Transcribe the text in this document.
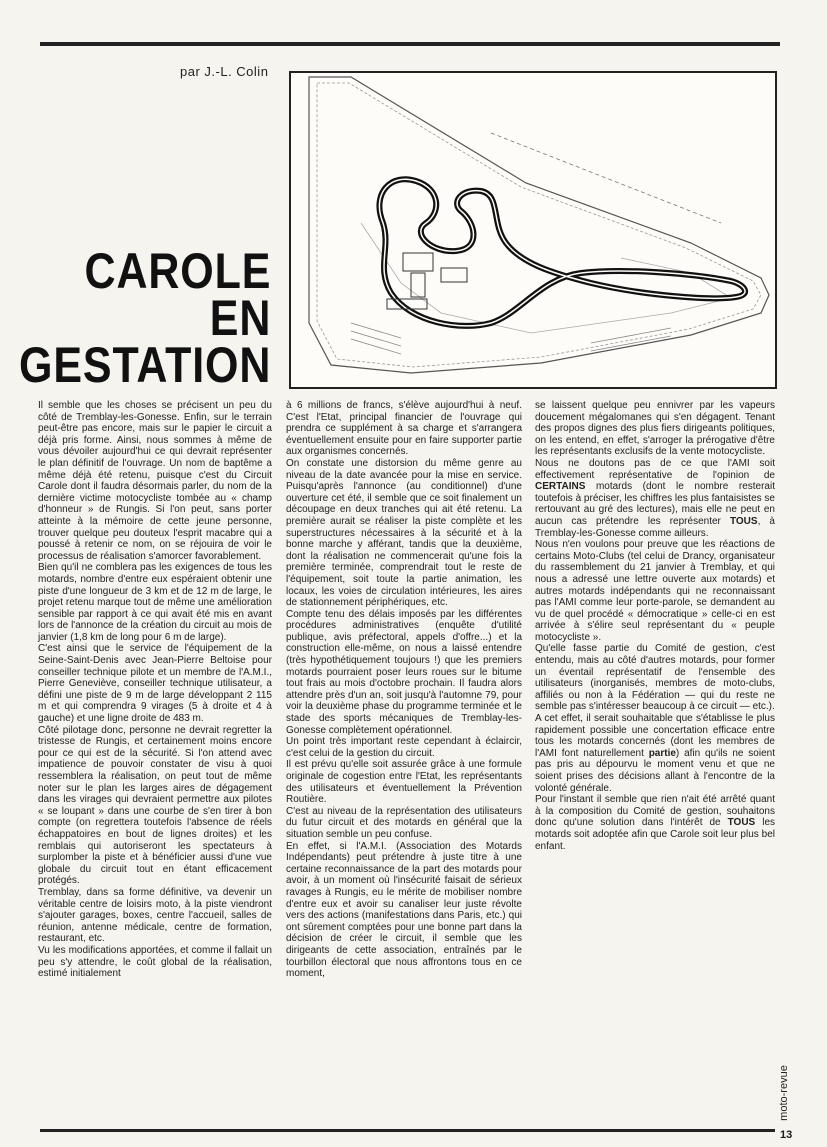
par J.-L. Colin
CAROLE
EN
GESTATION

Il semble que les choses se précisent un peu du côté de Tremblay-les-Gonesse. Enfin, sur le terrain peut-être pas encore, mais sur le papier le circuit a déjà pris forme. Ainsi, nous sommes à même de vous dévoiler aujourd'hui ce qui devrait représenter le plan définitif de l'ouvrage. Un nom de baptême a même déjà été retenu, puisque c'est du Circuit Carole dont il faudra désormais parler, du nom de la dernière victime motocycliste tombée au « champ d'honneur » de Rungis. Si l'on peut, sans porter atteinte à la mémoire de cette jeune personne, trouver quelque peu douteux l'esprit macabre qui a poussé à retenir ce nom, on se réjouira de voir le processus de réalisation s'amorcer favorablement.

Bien qu'il ne comblera pas les exigences de tous les motards, nombre d'entre eux espéraient obtenir une piste d'une longueur de 3 km et de 12 m de large, le projet retenu marque tout de même une amélioration sensible par rapport à ce qui avait été mis en avant lors de l'annonce de la création du circuit au mois de janvier (1,8 km de long pour 6 m de large).

C'est ainsi que le service de l'équipement de la Seine-Saint-Denis avec Jean-Pierre Beltoise pour conseiller technique pilote et un membre de l'A.M.I., Pierre Geneviève, conseiller technique utilisateur, a défini une piste de 9 m de large développant 2 115 m et qui comprendra 9 virages (5 à droite et 4 à gauche) et une ligne droite de 483 m.

Côté pilotage donc, personne ne devrait regretter la tristesse de Rungis, et certainement moins encore pour ce qui est de la sécurité. Si l'on attend avec impatience de pouvoir constater de visu à quoi ressemblera la réalisation, on peut tout de même noter sur le plan les larges aires de dégagement dans les virages qui devraient permettre aux pilotes « se loupant » dans une courbe de s'en tirer à bon compte (on regrettera toutefois l'absence de réels échappatoires en bout de lignes droites) et les remblais qui autoriseront les spectateurs à surplomber la piste et à bénéficier aussi d'une vue globale du circuit tout en étant efficacement protégés.

Tremblay, dans sa forme définitive, va devenir un véritable centre de loisirs moto, à la piste viendront s'ajouter garages, boxes, centre l'accueil, salles de réunion, antenne médicale, centre de formation, restaurant, etc.

Vu les modifications apportées, et comme il fallait un peu s'y attendre, le coût global de la réalisation, estimé initialement

à 6 millions de francs, s'élève aujourd'hui à neuf. C'est l'Etat, principal financier de l'ouvrage qui prendra ce supplément à sa charge et s'arrangera éventuellement ensuite pour en faire supporter partie aux organismes concernés.

On constate une distorsion du même genre au niveau de la date avancée pour la mise en service. Puisqu'après l'annonce (au conditionnel) d'une ouverture cet été, il semble que ce soit finalement un découpage en deux tranches qui ait été retenu. La première aurait se réaliser la piste complète et les superstructures nécessaires à la sécurité et à la bonne marche y afférant, tandis que la deuxième, dont la réalisation ne commencerait qu'une fois la première terminée, comprendrait tout le reste de l'équipement, soit toute la partie animation, les locaux, les voies de circulation intérieures, les aires de stationnement périphériques, etc.

Compte tenu des délais imposés par les différentes procédures administratives (enquête d'utilité publique, avis préfectoral, appels d'offre...) et la construction elle-même, on nous a laissé entendre (très hypothétiquement toujours !) que les premiers motards pourraient poser leurs roues sur le bitume tout frais au mois d'octobre prochain. Il faudra alors attendre près d'un an, soit jusqu'à l'automne 79, pour voir la deuxième phase du programme terminée et le stade des sports mécaniques de Tremblay-les-Gonesse complètement opérationnel.

Un point très important reste cependant à éclaircir, c'est celui de la gestion du circuit.

Il est prévu qu'elle soit assurée grâce à une formule originale de cogestion entre l'Etat, les représentants des utilisateurs et éventuellement la Prévention Routière.

C'est au niveau de la représentation des utilisateurs du futur circuit et des motards en général que la situation semble un peu confuse.

En effet, si l'A.M.I. (Association des Motards Indépendants) peut prétendre à juste titre à une certaine reconnaissance de la part des motards pour avoir, à un moment où l'insécurité faisait de sérieux ravages à Rungis, eu le mérite de mobiliser nombre d'entre eux et avoir su canaliser leur juste révolte vers des actions (manifestations dans Paris, etc.) qui ont sûrement comptées pour une bonne part dans la décision de créer le circuit, il semble que les dirigeants de cette association, entraînés par le tourbillon électoral que nous affrontons tous en ce moment,

se laissent quelque peu ennivrer par les vapeurs doucement mégalomanes qui s'en dégagent. Tenant des propos dignes des plus fiers dirigeants politiques, on les entend, en effet, s'arroger la prérogative d'être les représentants exclusifs de la vente motocycliste.

Nous ne doutons pas de ce que l'AMI soit effectivement représentative de l'opinion de CERTAINS motards (dont le nombre resterait toutefois à préciser, les chiffres les plus fantaisistes se rertouvant au gré des lectures), mais elle ne peut en aucun cas prétendre les représenter TOUS, à Tremblay-les-Gonesse comme ailleurs.

Nous n'en voulons pour preuve que les réactions de certains Moto-Clubs (tel celui de Drancy, organisateur du rassemblement du 21 janvier à Tremblay, et qui nous a adressé une lettre ouverte aux motards) et autres motards indépendants qui ne reconnaissant pas l'AMI comme leur porte-parole, se demandent au vu de quel procédé « démocratique » celle-ci en est arrivée à s'élire seul représentant du « peuple motocycliste ».

Qu'elle fasse partie du Comité de gestion, c'est entendu, mais au côté d'autres motards, pour former un éventail représentatif de l'ensemble des utilisateurs (inorganisés, membres de moto-clubs, affiliés ou non à la Fédération — qui du reste ne semble pas s'intéresser beaucoup à ce circuit — etc.).

A cet effet, il serait souhaitable que s'établisse le plus rapidement possible une concertation efficace entre tous les motards concernés (dont les membres de l'AMI font naturellement partie) afin qu'ils ne soient pas pris au dépourvu le moment venu et que ne soient prises des décisions allant à l'encontre de la volonté générale.

Pour l'instant il semble que rien n'ait été arrêté quant à la composition du Comité de gestion, souhaitons donc qu'une solution dans l'intérêt de TOUS les motards soit adoptée afin que Carole soit leur plus bel enfant.

moto-revue
13
